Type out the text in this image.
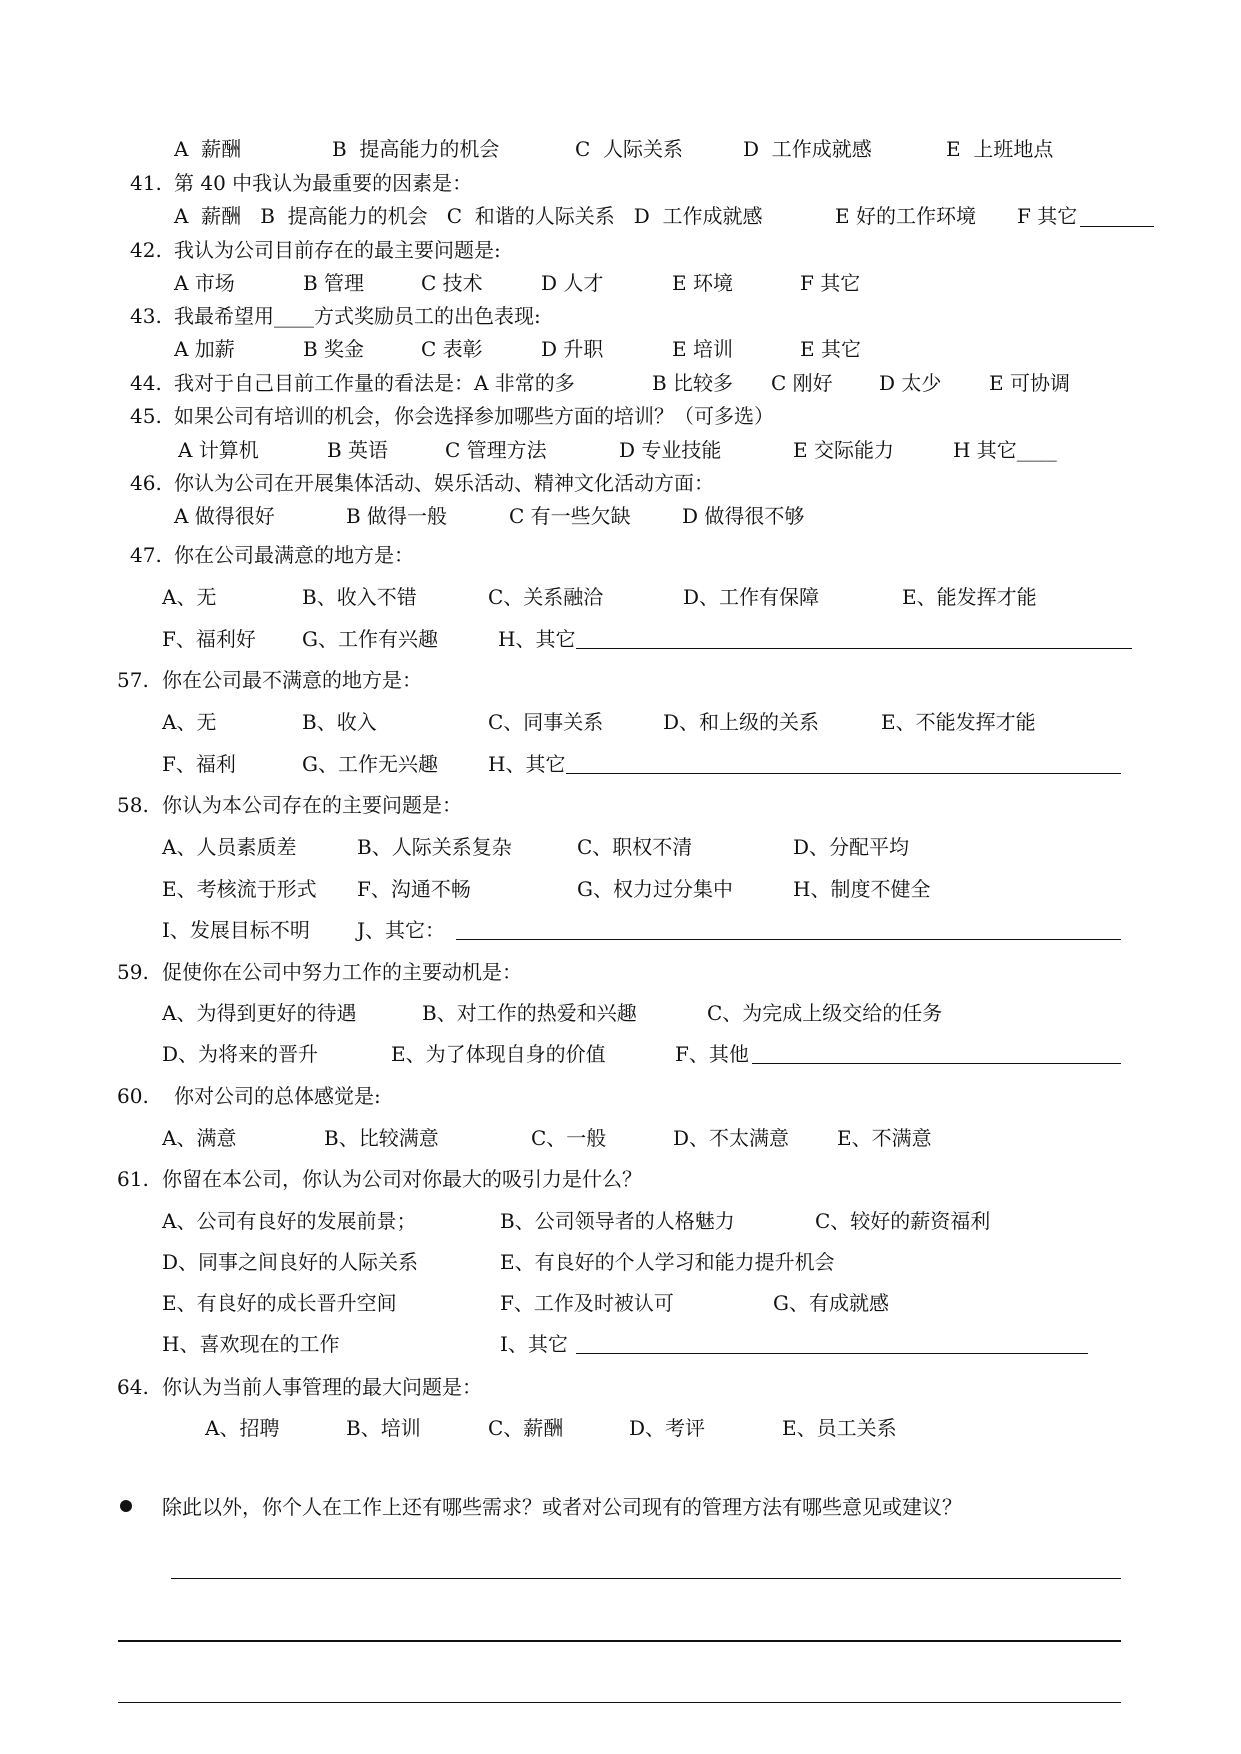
A  薪酬	B  提高能力的机会	C  人际关系	D  工作成就感	E  上班地点
41. 第 40 中我认为最重要的因素是：
A  薪酬   B  提高能力的机会   C  和谐的人际关系   D  工作成就感	E 好的工作环境 F 其它
42. 我认为公司目前存在的最主要问题是:
A 市场	B 管理	C 技术	D 人才	E 环境	F 其它
43. 我最希望用____方式奖励员工的出色表现:
A 加薪	B 奖金	C 表彰	D 升职	E 培训	E 其它
44. 我对于自己目前工作量的看法是：A 非常的多	B 比较多 C 刚好 D 太少 E 可协调
45. 如果公司有培训的机会，你会选择参加哪些方面的培训？（可多选）
A 计算机	B 英语	C 管理方法	D 专业技能	E 交际能力	H 其它____
46. 你认为公司在开展集体活动、娱乐活动、精神文化活动方面：
A 做得很好	B 做得一般	C 有一些欠缺	D 做得很不够
47. 你在公司最满意的地方是：
A、无	B、收入不错	C、关系融洽	D、工作有保障	E、能发挥才能
F、福利好 G、工作有兴趣	H、其它
57. 你在公司最不满意的地方是：
A、无	B、收入	C、同事关系	D、和上级的关系	E、不能发挥才能
F、福利	G、工作无兴趣	H、其它
58. 你认为本公司存在的主要问题是：
A、人员素质差	B、人际关系复杂	C、职权不清	D、分配平均
E、考核流于形式 F、沟通不畅	G、权力过分集中	H、制度不健全
I、发展目标不明 J、其它：
59. 促使你在公司中努力工作的主要动机是：
A、为得到更好的待遇	B、对工作的热爱和兴趣	C、为完成上级交给的任务
D、为将来的晋升	E、为了体现自身的价值	F、其他
60. 你对公司的总体感觉是:
A、满意	B、比较满意	C、一般	D、不太满意 E、不满意
61. 你留在本公司，你认为公司对你最大的吸引力是什么？
A、公司有良好的发展前景；	B、公司领导者的人格魅力	C、较好的薪资福利
D、同事之间良好的人际关系	E、有良好的个人学习和能力提升机会
E、有良好的成长晋升空间	F、工作及时被认可	G、有成就感
H、喜欢现在的工作	I、其它
64. 你认为当前人事管理的最大问题是：
A、招聘	B、培训	C、薪酬	D、考评	E、员工关系
除此以外，你个人在工作上还有哪些需求？或者对公司现有的管理方法有哪些意见或建议？
